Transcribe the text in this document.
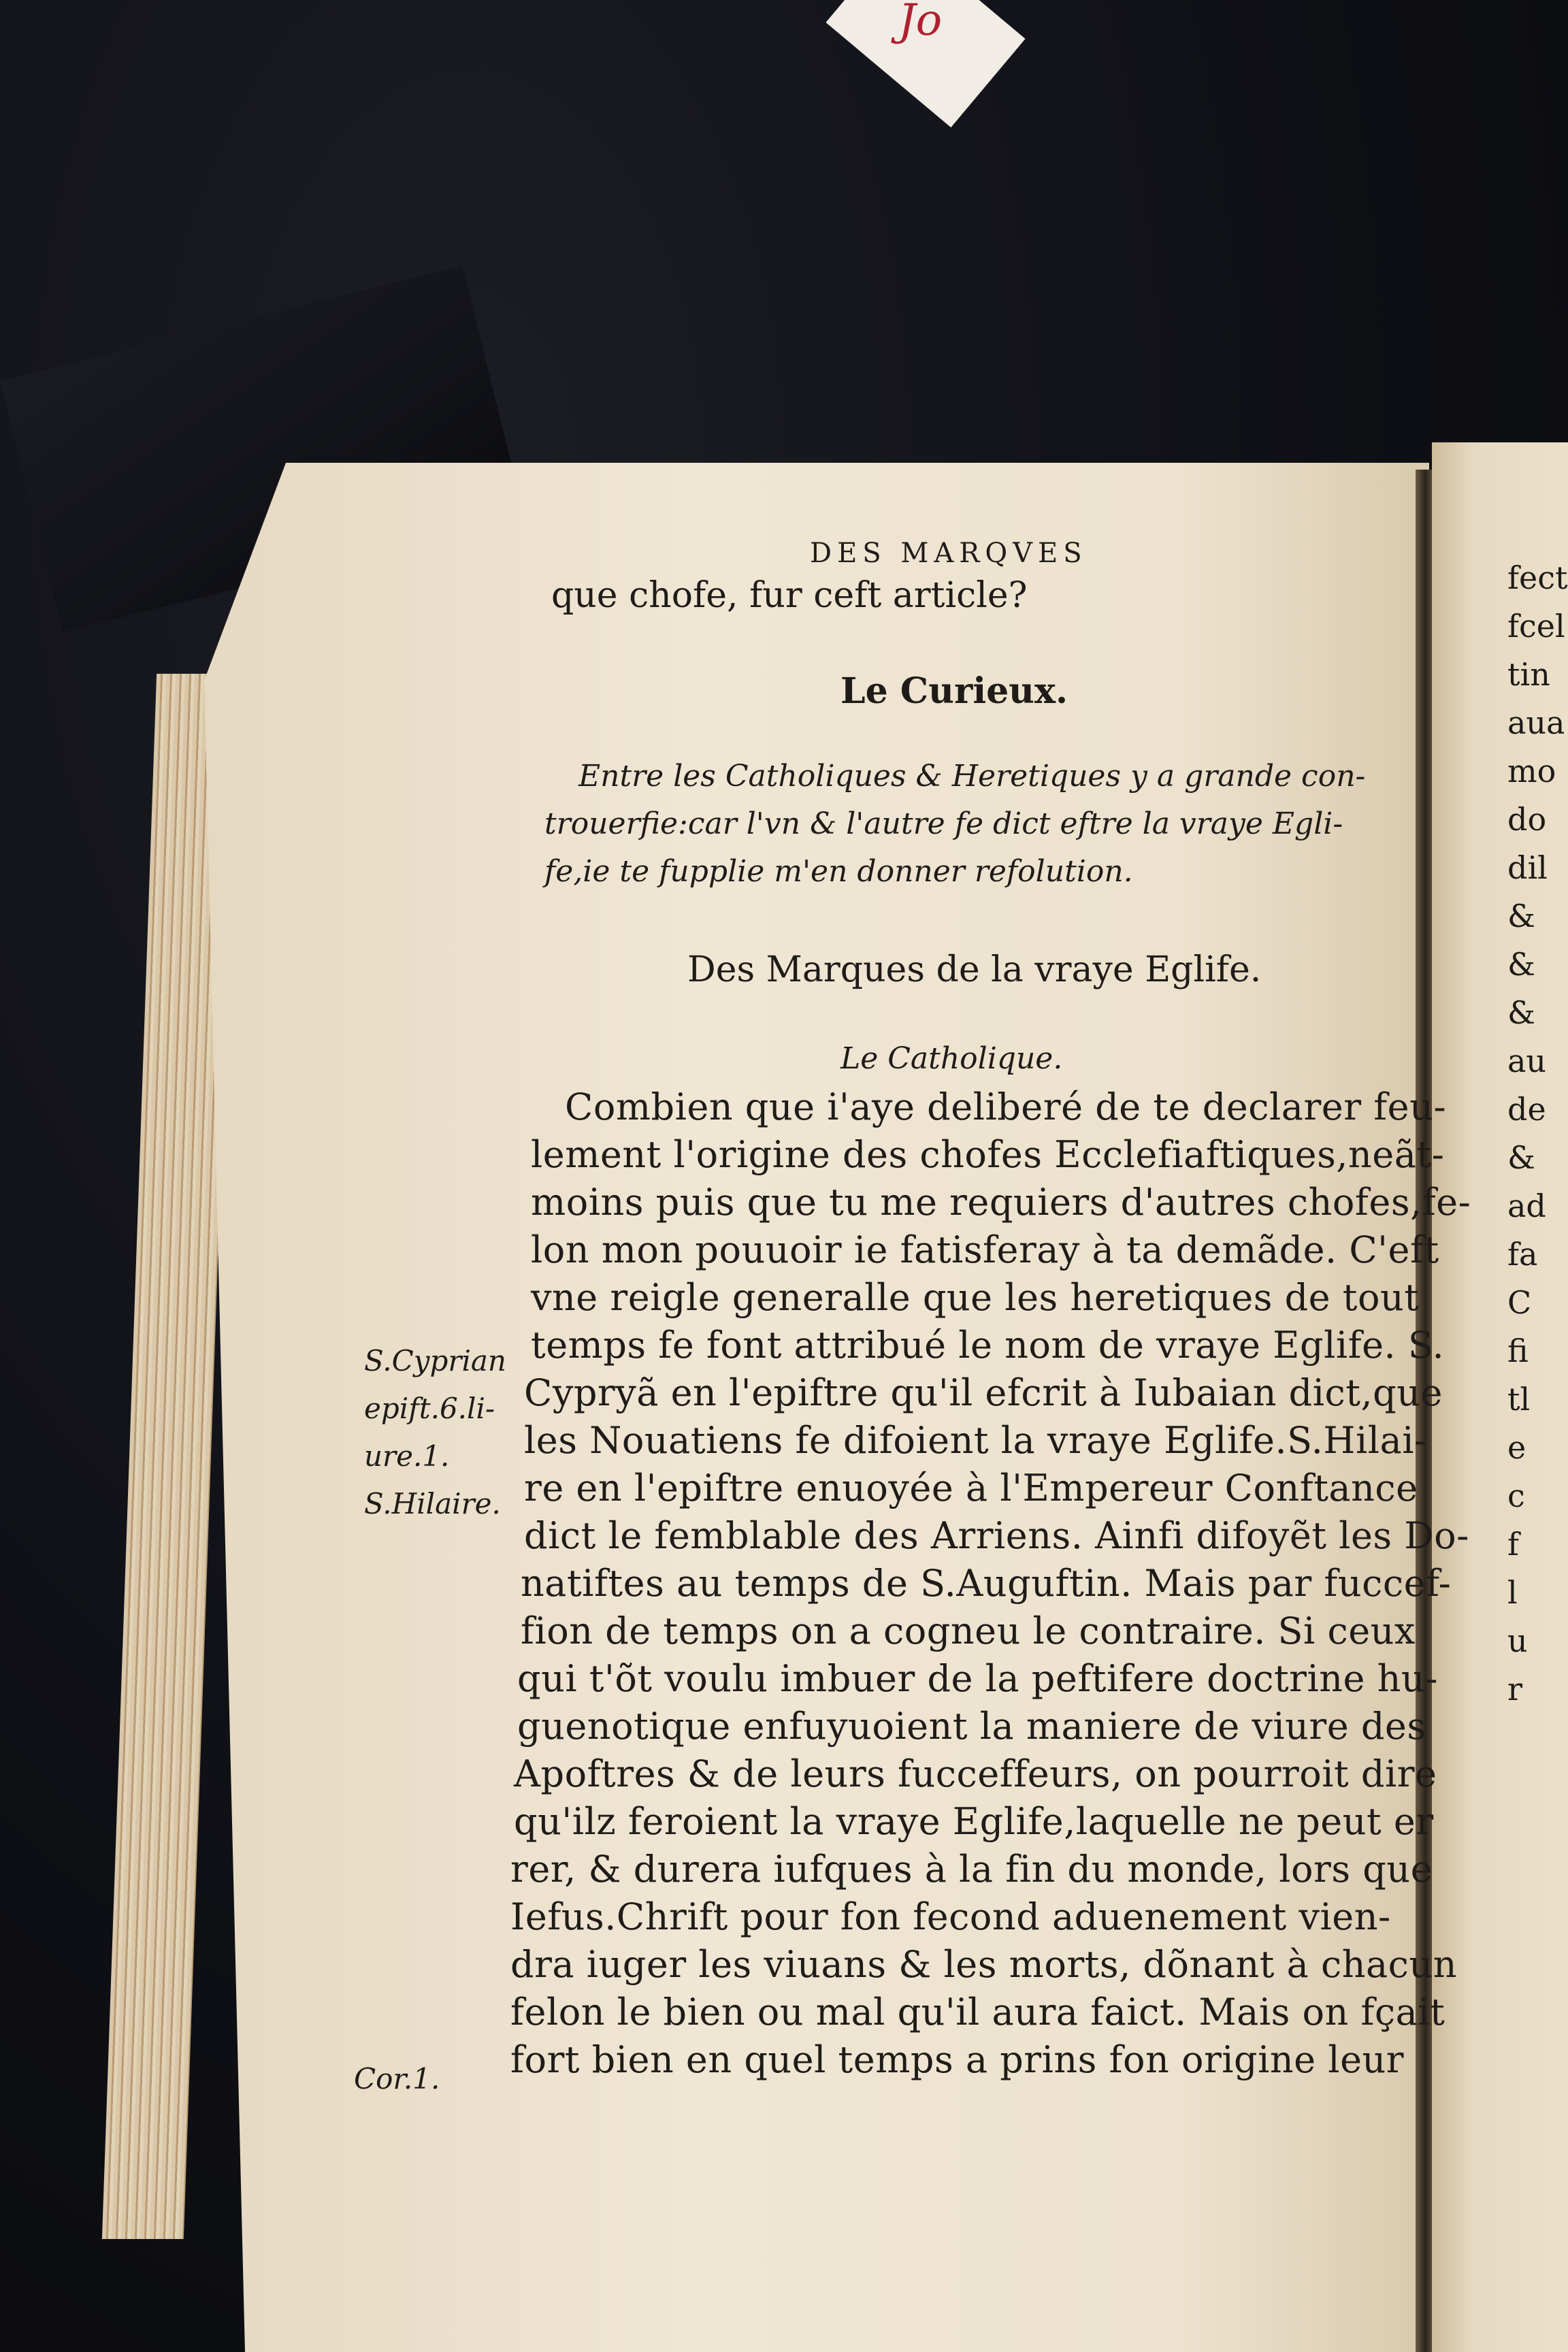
Jo
DES MARQVES
que chofe, fur ceft article?
Le Curieux.
Entre les Catholiques & Heretiques y a grande con-
trouerfie:car l'vn & l'autre fe dict eftre la vraye Egli-
fe,ie te fupplie m'en donner refolution.
Des Marques de la vraye Eglife.
Le Catholique.
Combien que i'aye deliberé de te declarer feu-
lement l'origine des chofes Ecclefiaftiques,neãt-
moins puis que tu me requiers d'autres chofes,fe-
lon mon pouuoir ie fatisferay à ta demãde. C'eft
vne reigle generalle que les heretiques de tout
temps fe font attribué le nom de vraye Eglife. S.
Cypryã en l'epiftre qu'il efcrit à Iubaian dict,que
les Nouatiens fe difoient la vraye Eglife.S.Hilai-
re en l'epiftre enuoyée à l'Empereur Conftance
dict le femblable des Arriens. Ainfi difoyẽt les Do-
natiftes au temps de S.Auguftin. Mais par fuccef-
fion de temps on a cogneu le contraire. Si ceux
qui t'õt voulu imbuer de la peftifere doctrine hu-
guenotique enfuyuoient la maniere de viure des
Apoftres & de leurs fucceffeurs, on pourroit dire
qu'ilz feroient la vraye Eglife,laquelle ne peut er
rer, & durera iufques à la fin du monde, lors que
Iefus.Chrift pour fon fecond aduenement vien-
dra iuger les viuans & les morts, dõnant à chacun
felon le bien ou mal qu'il aura faict. Mais on fçait
fort bien en quel temps a prins fon origine leur
S.Cyprian
epift.6.li-
ure.1.
S.Hilaire.
Cor.1.
fect
fcel
tin
aua
mo
do
dil
&
&
&
au
de
&
ad
fa
C
fi
tl
e
c
f
l
u
r
